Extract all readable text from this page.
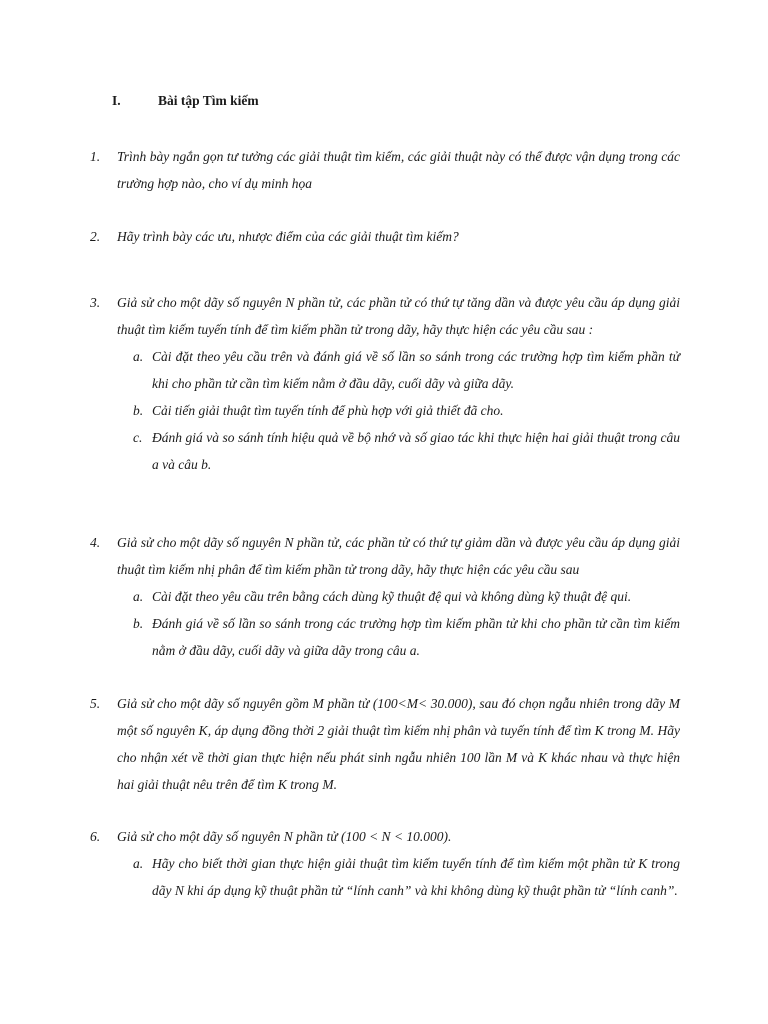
I.	Bài tập Tìm kiếm
1. Trình bày ngắn gọn tư tưởng các giải thuật tìm kiếm, các giải thuật này có thể được vận dụng trong các trường hợp nào, cho ví dụ minh họa
2. Hãy trình bày các ưu, nhược điểm của các giải thuật tìm kiếm?
3. Giả sử cho một dãy số nguyên N phần tử, các phần tử có thứ tự tăng dần và được yêu cầu áp dụng giải thuật tìm kiếm tuyến tính để tìm kiếm phần tử trong dãy, hãy thực hiện các yêu cầu sau :
a. Cài đặt theo yêu cầu trên và đánh giá về số lần so sánh trong các trường hợp tìm kiếm phần tử khi cho phần tử cần tìm kiếm nằm ở đầu dãy, cuối dãy và giữa dãy.
b. Cải tiến giải thuật tìm tuyến tính để phù hợp với giả thiết đã cho.
c. Đánh giá và so sánh tính hiệu quả về bộ nhớ và số giao tác khi thực hiện hai giải thuật trong câu a và câu b.
4. Giả sử cho một dãy số nguyên N phần tử, các phần tử có thứ tự giảm dần và được yêu cầu áp dụng giải thuật tìm kiếm nhị phân để tìm kiếm phần tử trong dãy, hãy thực hiện các yêu cầu sau
a. Cài đặt theo yêu cầu trên bằng cách dùng kỹ thuật đệ qui và không dùng kỹ thuật đệ qui.
b. Đánh giá về số lần so sánh trong các trường hợp tìm kiếm phần tử khi cho phần tử cần tìm kiếm nằm ở đầu dãy, cuối dãy và giữa dãy trong câu a.
5. Giả sử cho một dãy số nguyên gồm M phần tử (100<M< 30.000), sau đó chọn ngẫu nhiên trong dãy M một số nguyên K, áp dụng đồng thời 2 giải thuật tìm kiếm nhị phân và tuyến tính để tìm K trong M. Hãy cho nhận xét về thời gian thực hiện nếu phát sinh ngẫu nhiên 100 lần M và K khác nhau và thực hiện hai giải thuật nêu trên để tìm K trong M.
6. Giả sử cho một dãy số nguyên N phần tử (100 < N < 10.000).
a. Hãy cho biết thời gian thực hiện giải thuật tìm kiếm tuyến tính để tìm kiếm một phần tử K trong dãy N khi áp dụng kỹ thuật phần tử “lính canh” và khi không dùng kỹ thuật phần tử “lính canh”.
